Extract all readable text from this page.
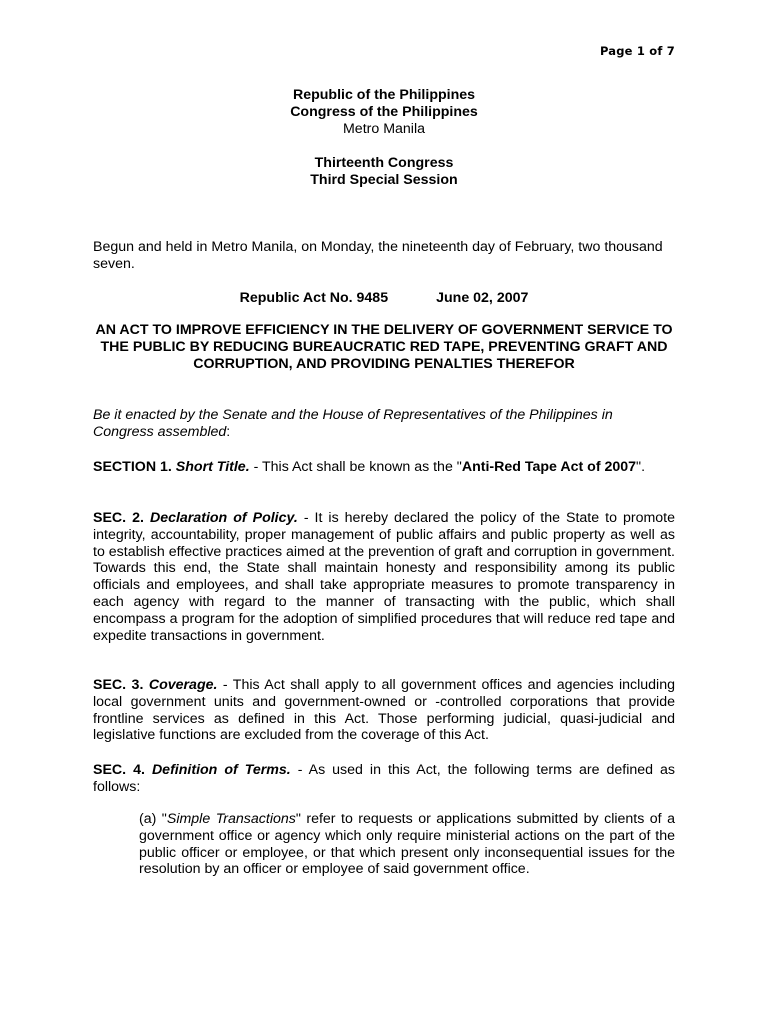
Page 1 of 7
Republic of the Philippines
Congress of the Philippines
Metro Manila
Thirteenth Congress
Third Special Session
Begun and held in Metro Manila, on Monday, the nineteenth day of February, two thousand seven.
Republic Act No. 9485	June 02, 2007
AN ACT TO IMPROVE EFFICIENCY IN THE DELIVERY OF GOVERNMENT SERVICE TO THE PUBLIC BY REDUCING BUREAUCRATIC RED TAPE, PREVENTING GRAFT AND CORRUPTION, AND PROVIDING PENALTIES THEREFOR
Be it enacted by the Senate and the House of Representatives of the Philippines in Congress assembled:
SECTION 1. Short Title. - This Act shall be known as the "Anti-Red Tape Act of 2007".
SEC. 2. Declaration of Policy. - It is hereby declared the policy of the State to promote integrity, accountability, proper management of public affairs and public property as well as to establish effective practices aimed at the prevention of graft and corruption in government. Towards this end, the State shall maintain honesty and responsibility among its public officials and employees, and shall take appropriate measures to promote transparency in each agency with regard to the manner of transacting with the public, which shall encompass a program for the adoption of simplified procedures that will reduce red tape and expedite transactions in government.
SEC. 3. Coverage. - This Act shall apply to all government offices and agencies including local government units and government-owned or -controlled corporations that provide frontline services as defined in this Act. Those performing judicial, quasi-judicial and legislative functions are excluded from the coverage of this Act.
SEC. 4. Definition of Terms. - As used in this Act, the following terms are defined as follows:
(a) "Simple Transactions" refer to requests or applications submitted by clients of a government office or agency which only require ministerial actions on the part of the public officer or employee, or that which present only inconsequential issues for the resolution by an officer or employee of said government office.
